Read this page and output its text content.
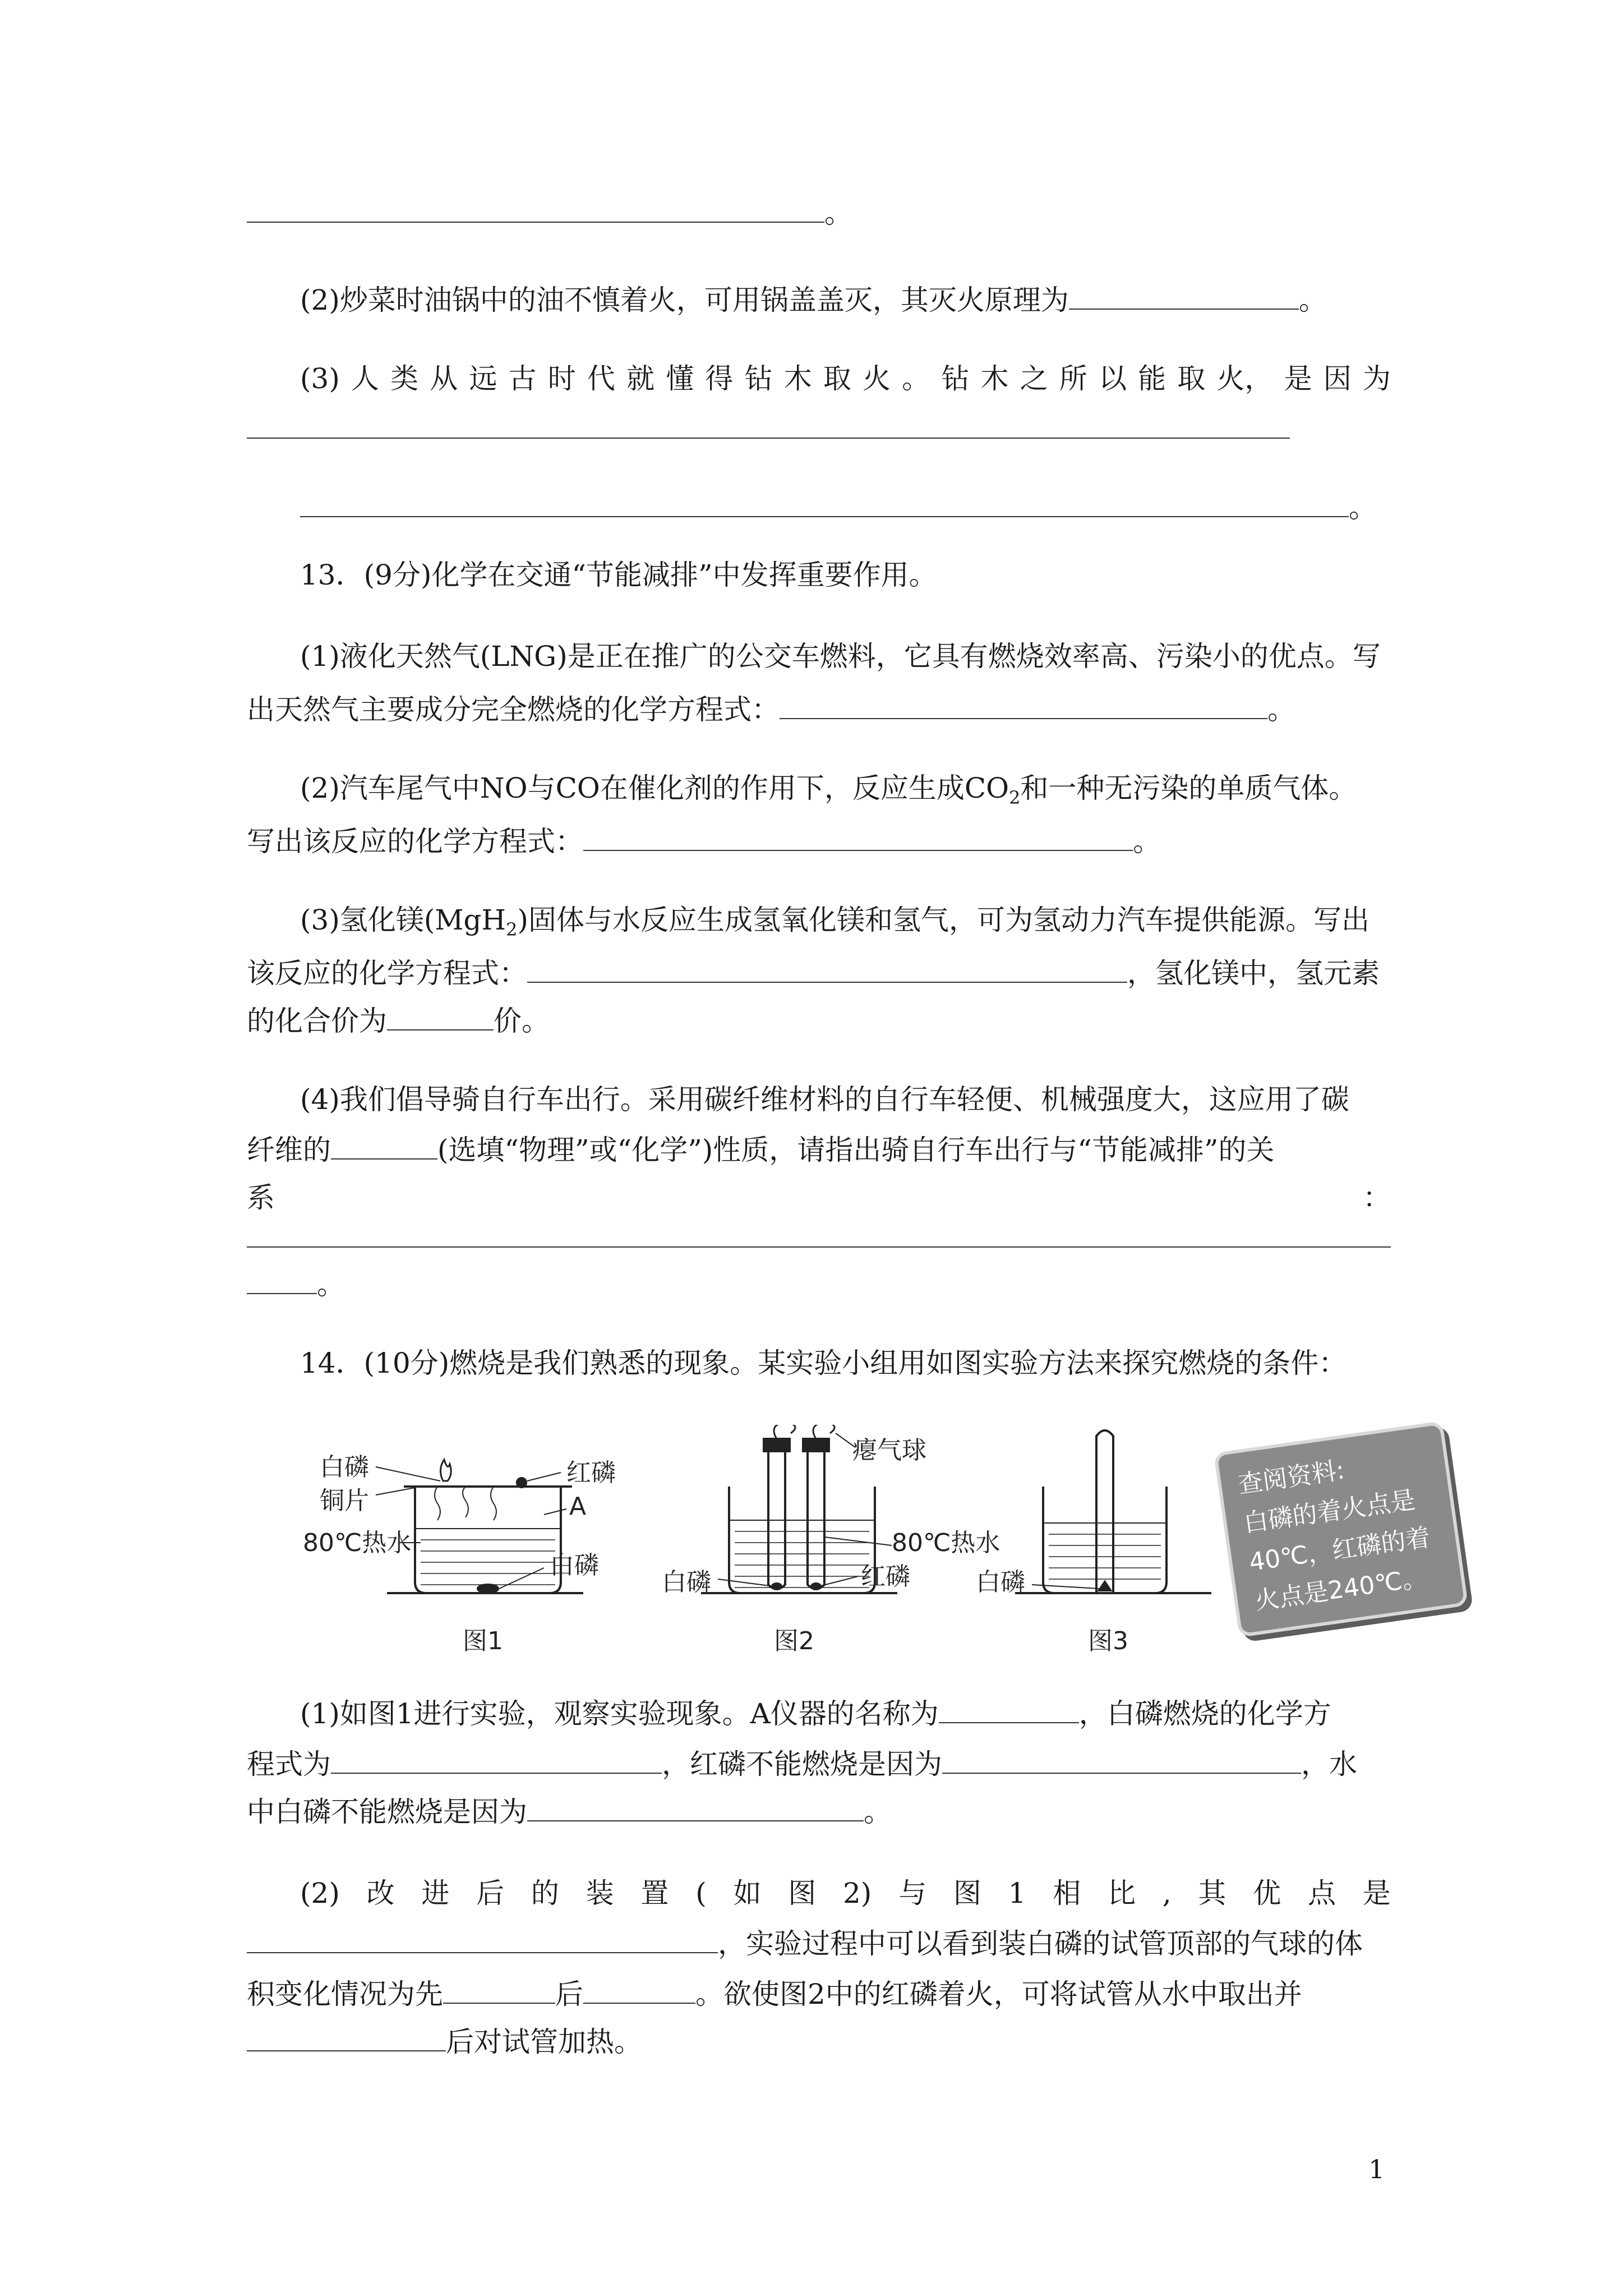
。
(2)炒菜时油锅中的油不慎着火，可用锅盖盖灭，其灭火原理为	。
(3) 人 类 从 远 古 时 代 就 懂 得 钻 木 取 火 。 钻 木 之 所 以 能 取 火， 是 因 为
。
13．(9分)化学在交通“节能减排”中发挥重要作用。
(1)液化天然气(LNG)是正在推广的公交车燃料，它具有燃烧效率高、污染小的优点。写
出天然气主要成分完全燃烧的化学方程式：	。
(2)汽车尾气中NO与CO在催化剂的作用下，反应生成$CO_2$和一种无污染的单质气体。
写出该反应的化学方程式：	。
(3)氢化镁(MgH$_2$)固体与水反应生成氢氧化镁和氢气，可为氢动力汽车提供能源。写出
该反应的化学方程式：	，氢化镁中，氢元素
的化合价为	价。
(4)我们倡导骑自行车出行。采用碳纤维材料的自行车轻便、机械强度大，这应用了碳
纤维的	(选填“物理”或“化学”)性质，请指出骑自行车出行与“节能减排”的关
系	：
。
14．(10分)燃烧是我们熟悉的现象。某实验小组用如图实验方法来探究燃烧的条件：
白磷
铜片
红磷
A
80℃热水
白磷
图1
瘪气球
80℃热水
白磷	红磷
图2
白磷
图3
查阅资料:
白磷的着火点是
40℃，红磷的着
火点是240℃。
(1)如图1进行实验，观察实验现象。A仪器的名称为	，白磷燃烧的化学方
程式为	，红磷不能燃烧是因为	，水
中白磷不能燃烧是因为	。
(2) 改 进 后 的 装 置 ( 如 图 2) 与 图 1 相 比 , 其 优 点 是
，实验过程中可以看到装白磷的试管顶部的气球的体
积变化情况为先	后	。欲使图2中的红磷着火，可将试管从水中取出并
后对试管加热。
1
